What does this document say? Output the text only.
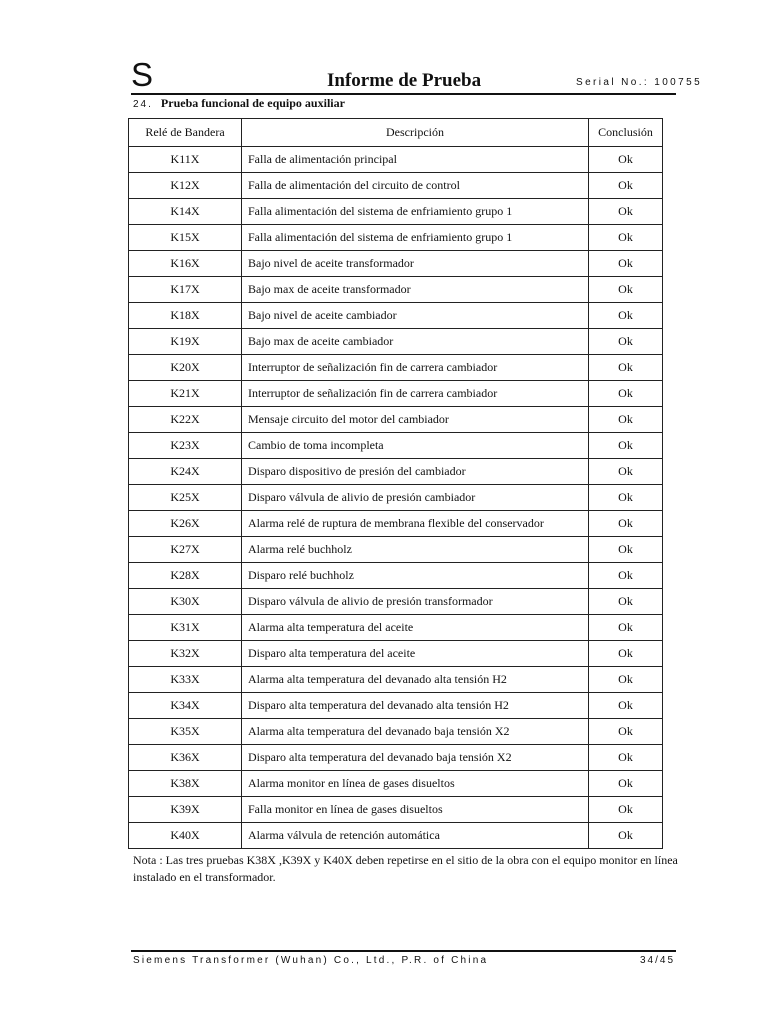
S	Informe de Prueba	Serial No.: 100755
24. Prueba funcional de equipo auxiliar
Relé de Bandera	Descripción	Conclusión
K11X	Falla de alimentación principal	Ok
K12X	Falla de alimentación del circuito de control	Ok
K14X	Falla alimentación del sistema de enfriamiento grupo 1	Ok
K15X	Falla alimentación del sistema de enfriamiento grupo 1	Ok
K16X	Bajo nivel de aceite transformador	Ok
K17X	Bajo max de aceite transformador	Ok
K18X	Bajo nivel de aceite cambiador	Ok
K19X	Bajo max de aceite cambiador	Ok
K20X	Interruptor de señalización fin de carrera cambiador	Ok
K21X	Interruptor de señalización fin de carrera cambiador	Ok
K22X	Mensaje circuito del motor del cambiador	Ok
K23X	Cambio de toma incompleta	Ok
K24X	Disparo dispositivo de presión del cambiador	Ok
K25X	Disparo válvula de alivio de presión cambiador	Ok
K26X	Alarma relé de ruptura de membrana flexible del conservador	Ok
K27X	Alarma relé buchholz	Ok
K28X	Disparo relé buchholz	Ok
K30X	Disparo válvula de alivio de presión transformador	Ok
K31X	Alarma alta temperatura del aceite	Ok
K32X	Disparo alta temperatura del aceite	Ok
K33X	Alarma alta temperatura del devanado alta tensión H2	Ok
K34X	Disparo alta temperatura del devanado alta tensión H2	Ok
K35X	Alarma alta temperatura del devanado baja tensión X2	Ok
K36X	Disparo alta temperatura del devanado baja tensión X2	Ok
K38X	Alarma monitor en línea de gases disueltos	Ok
K39X	Falla monitor en línea de gases disueltos	Ok
K40X	Alarma válvula de retención automática	Ok
Nota : Las tres pruebas K38X ,K39X y K40X deben repetirse en el sitio de la obra con el equipo monitor en línea instalado en el transformador.
Siemens Transformer (Wuhan) Co., Ltd., P.R. of China	34/45
